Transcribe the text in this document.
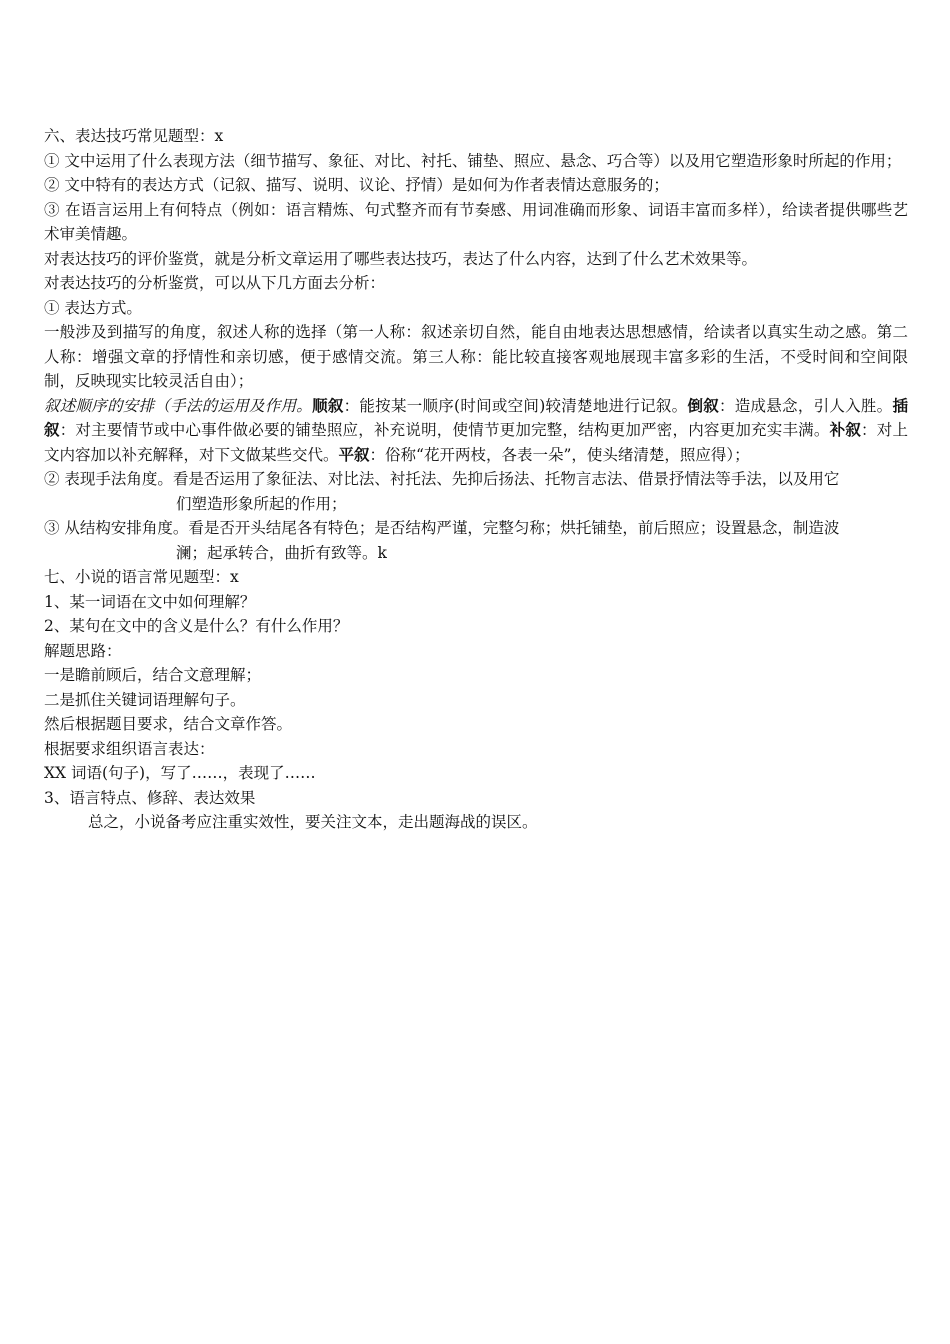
六、表达技巧常见题型：x

① 文中运用了什么表现方法（细节描写、象征、对比、衬托、铺垫、照应、悬念、巧合等）以及用它塑造形象时所起的作用；

② 文中特有的表达方式（记叙、描写、说明、议论、抒情）是如何为作者表情达意服务的；

③ 在语言运用上有何特点（例如：语言精炼、句式整齐而有节奏感、用词准确而形象、词语丰富而多样），给读者提供哪些艺术审美情趣。

对表达技巧的评价鉴赏，就是分析文章运用了哪些表达技巧，表达了什么内容，达到了什么艺术效果等。

对表达技巧的分析鉴赏，可以从下几方面去分析：

① 表达方式。

一般涉及到描写的角度，叙述人称的选择（第一人称：叙述亲切自然，能自由地表达思想感情，给读者以真实生动之感。第二人称：增强文章的抒情性和亲切感，便于感情交流。第三人称：能比较直接客观地展现丰富多彩的生活，不受时间和空间限制，反映现实比较灵活自由）；

叙述顺序的安排（手法的运用及作用。顺叙：能按某一顺序(时间或空间)较清楚地进行记叙。倒叙：造成悬念，引人入胜。插叙：对主要情节或中心事件做必要的铺垫照应，补充说明，使情节更加完整，结构更加严密，内容更加充实丰满。补叙：对上文内容加以补充解释，对下文做某些交代。平叙：俗称“花开两枝，各表一朵”，使头绪清楚，照应得）；

② 表现手法角度。看是否运用了象征法、对比法、衬托法、先抑后扬法、托物言志法、借景抒情法等手法，以及用它

们塑造形象所起的作用；

③ 从结构安排角度。看是否开头结尾各有特色；是否结构严谨，完整匀称；烘托铺垫，前后照应；设置悬念，制造波

澜；起承转合，曲折有致等。k

七、小说的语言常见题型：x

1、某一词语在文中如何理解？

2、某句在文中的含义是什么？有什么作用？

解题思路：

一是瞻前顾后，结合文意理解；

二是抓住关键词语理解句子。

然后根据题目要求，结合文章作答。

根据要求组织语言表达：

XX 词语(句子)，写了……，表现了……

3、语言特点、修辞、表达效果

总之，小说备考应注重实效性，要关注文本，走出题海战的误区。
